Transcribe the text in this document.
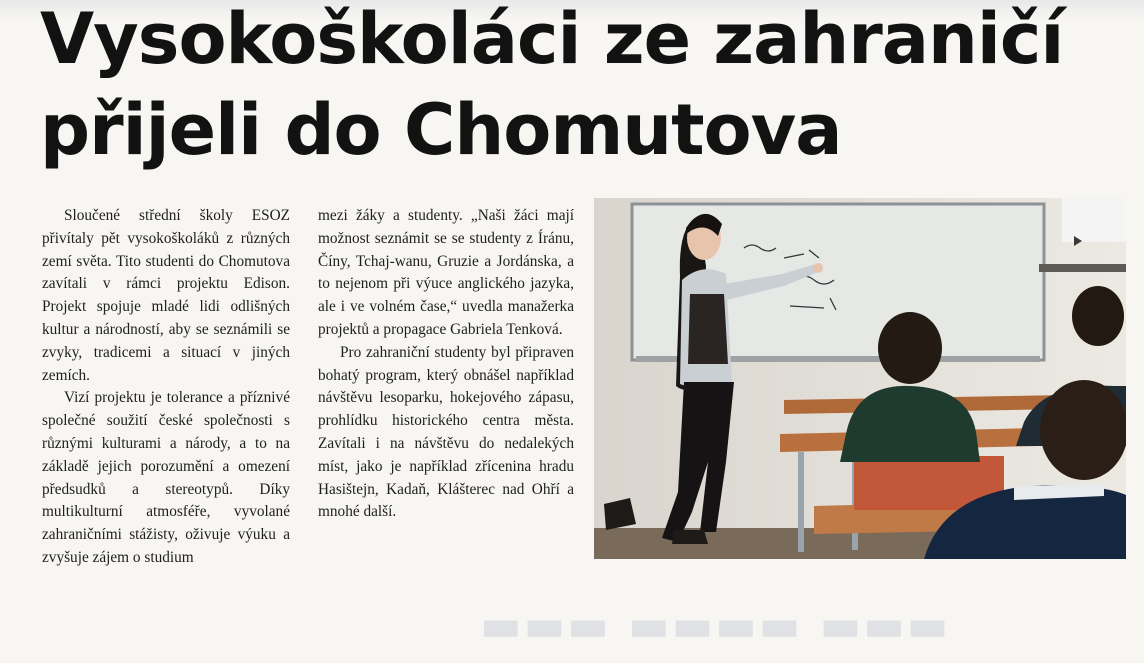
Vysokoškoláci ze zahraničí
přijeli do Chomutova

Sloučené střední školy ESOZ přivítaly pět vysokoškoláků z různých zemí světa. Tito studenti do Chomutova zavítali v rámci projektu Edison. Projekt spojuje mladé lidi odlišných kultur a národností, aby se seznámili se zvyky, tradicemi a situací v jiných zemích.

Vizí projektu je tolerance a příznivé společné soužití české společnosti s různými kulturami a národy, a to na základě jejich porozumění a omezení předsudků a stereotypů. Díky multikulturní atmosféře, vyvolané zahraničními stážisty, oživuje výuku a zvyšuje zájem o studium

mezi žáky a studenty. „Naši žáci mají možnost seznámit se se studenty z Íránu, Číny, Tchaj-wanu, Gruzie a Jordánska, a to nejenom při výuce anglického jazyka, ale i ve volném čase,“ uvedla manažerka projektů a propagace Gabriela Tenková.

Pro zahraniční studenty byl připraven bohatý program, který obnášel například návštěvu lesoparku, hokejového zápasu, prohlídku historického centra města. Zavítali i na návštěvu do nedalekých míst, jako je například zřícenina hradu Hasištejn, Kadaň, Klášterec nad Ohří a mnohé další.

▬▬▬ ▬▬▬▬ ▬▬▬
